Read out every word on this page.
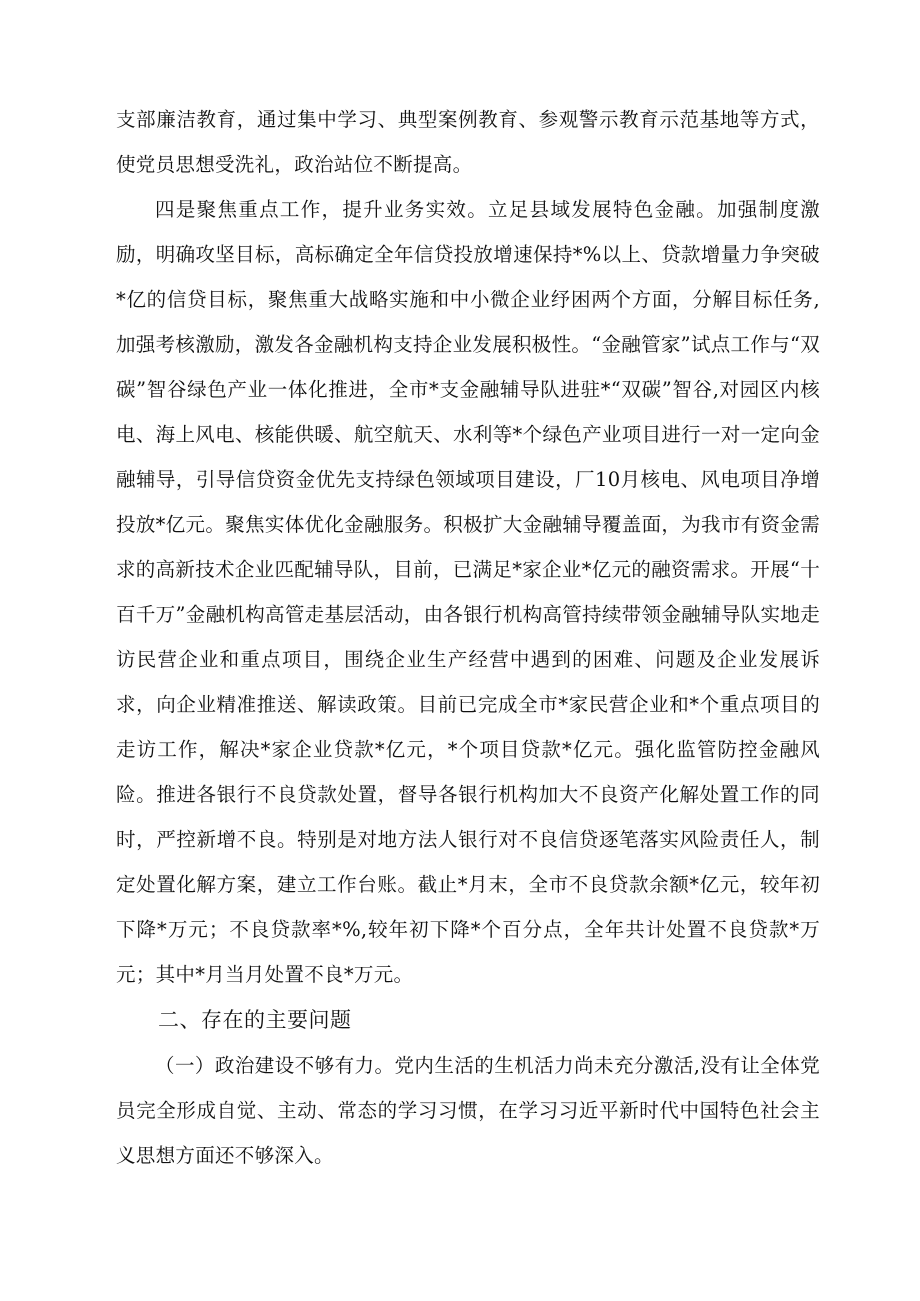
支部廉洁教育，通过集中学习、典型案例教育、参观警示教育示范基地等方式，使党员思想受洗礼，政治站位不断提高。

四是聚焦重点工作，提升业务实效。立足县域发展特色金融。加强制度激励，明确攻坚目标，高标确定全年信贷投放增速保持*%以上、贷款增量力争突破*亿的信贷目标，聚焦重大战略实施和中小微企业纾困两个方面，分解目标任务,加强考核激励，激发各金融机构支持企业发展积极性。“金融管家”试点工作与“双碳”智谷绿色产业一体化推进，全市*支金融辅导队进驻*“双碳”智谷,对园区内核电、海上风电、核能供暖、航空航天、水利等*个绿色产业项目进行一对一定向金融辅导，引导信贷资金优先支持绿色领域项目建设，厂10月核电、风电项目净增投放*亿元。聚焦实体优化金融服务。积极扩大金融辅导覆盖面，为我市有资金需求的高新技术企业匹配辅导队，目前，已满足*家企业*亿元的融资需求。开展“十百千万”金融机构高管走基层活动，由各银行机构高管持续带领金融辅导队实地走访民营企业和重点项目，围绕企业生产经营中遇到的困难、问题及企业发展诉求，向企业精准推送、解读政策。目前已完成全市*家民营企业和*个重点项目的走访工作，解决*家企业贷款*亿元，*个项目贷款*亿元。强化监管防控金融风险。推进各银行不良贷款处置，督导各银行机构加大不良资产化解处置工作的同时，严控新增不良。特别是对地方法人银行对不良信贷逐笔落实风险责任人，制定处置化解方案，建立工作台账。截止*月末，全市不良贷款余额*亿元，较年初下降*万元；不良贷款率*%,较年初下降*个百分点，全年共计处置不良贷款*万元；其中*月当月处置不良*万元。

二、存在的主要问题

（一）政治建设不够有力。党内生活的生机活力尚未充分激活,没有让全体党员完全形成自觉、主动、常态的学习习惯，在学习习近平新时代中国特色社会主义思想方面还不够深入。
